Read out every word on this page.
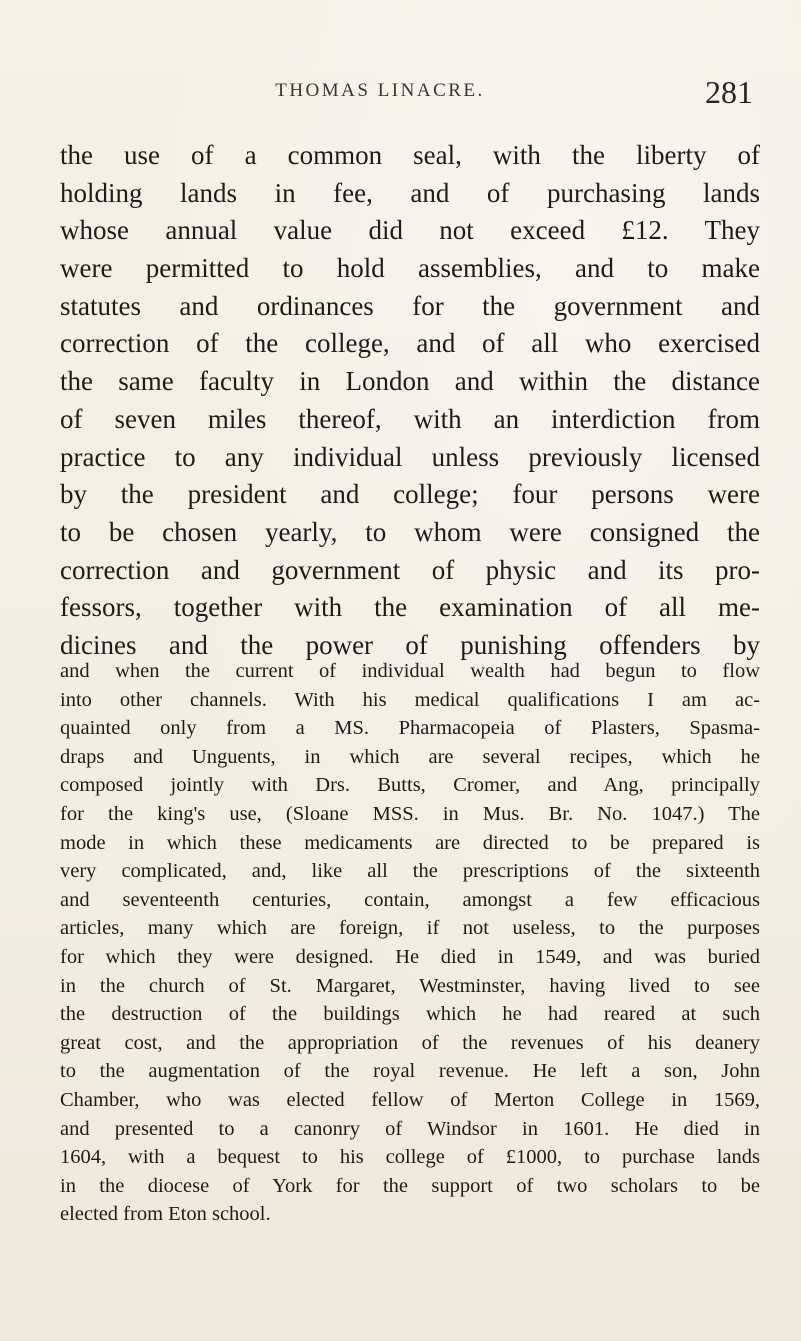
THOMAS LINACRE.	281
the use of a common seal, with the liberty of
holding lands in fee, and of purchasing lands
whose annual value did not exceed £12. They
were permitted to hold assemblies, and to make
statutes and ordinances for the government and
correction of the college, and of all who exercised
the same faculty in London and within the distance
of seven miles thereof, with an interdiction from
practice to any individual unless previously licensed
by the president and college; four persons were
to be chosen yearly, to whom were consigned the
correction and government of physic and its pro-
fessors, together with the examination of all me-
dicines and the power of punishing offenders by
and when the current of individual wealth had begun to flow
into other channels. With his medical qualifications I am ac-
quainted only from a MS. Pharmacopeia of Plasters, Spasma-
draps and Unguents, in which are several recipes, which he
composed jointly with Drs. Butts, Cromer, and Ang, principally
for the king's use, (Sloane MSS. in Mus. Br. No. 1047.) The
mode in which these medicaments are directed to be prepared is
very complicated, and, like all the prescriptions of the sixteenth
and seventeenth centuries, contain, amongst a few efficacious
articles, many which are foreign, if not useless, to the purposes
for which they were designed. He died in 1549, and was buried
in the church of St. Margaret, Westminster, having lived to see
the destruction of the buildings which he had reared at such
great cost, and the appropriation of the revenues of his deanery
to the augmentation of the royal revenue. He left a son, John
Chamber, who was elected fellow of Merton College in 1569,
and presented to a canonry of Windsor in 1601. He died in
1604, with a bequest to his college of £1000, to purchase lands
in the diocese of York for the support of two scholars to be
elected from Eton school.
